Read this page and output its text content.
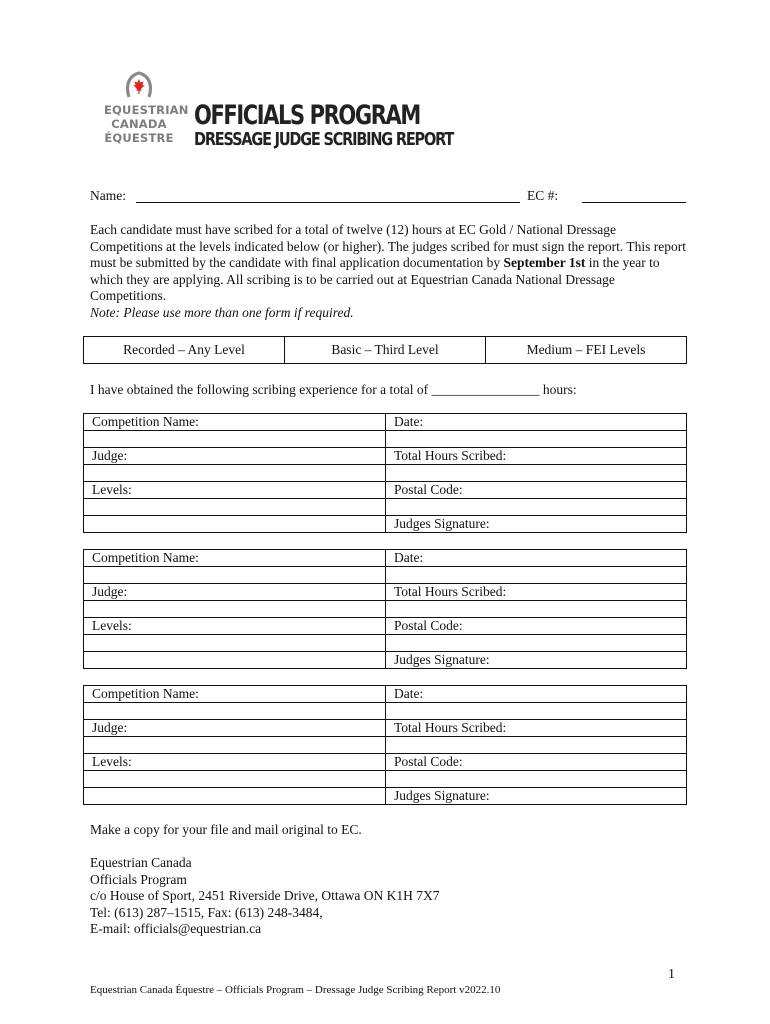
EQUESTRIAN
CANADA
ÉQUESTRE
OFFICIALS PROGRAM
DRESSAGE JUDGE SCRIBING REPORT
Name:	EC #:
Each candidate must have scribed for a total of twelve (12) hours at EC Gold / National Dressage Competitions at the levels indicated below (or higher). The judges scribed for must sign the report. This report must be submitted by the candidate with final application documentation by September 1st in the year to which they are applying. All scribing is to be carried out at Equestrian Canada National Dressage Competitions.
Note: Please use more than one form if required.
Recorded – Any Level	Basic – Third Level	Medium – FEI Levels
I have obtained the following scribing experience for a total of ________________ hours:
Competition Name:	Date:

Judge:	Total Hours Scribed:

Levels:	Postal Code:

	Judges Signature:
Competition Name:	Date:

Judge:	Total Hours Scribed:

Levels:	Postal Code:

	Judges Signature:
Competition Name:	Date:

Judge:	Total Hours Scribed:

Levels:	Postal Code:

	Judges Signature:
Make a copy for your file and mail original to EC.
Equestrian Canada
Officials Program
c/o House of Sport, 2451 Riverside Drive, Ottawa ON K1H 7X7
Tel: (613) 287–1515, Fax: (613) 248-3484,
E-mail: officials@equestrian.ca
1
Equestrian Canada Équestre – Officials Program – Dressage Judge Scribing Report v2022.10
